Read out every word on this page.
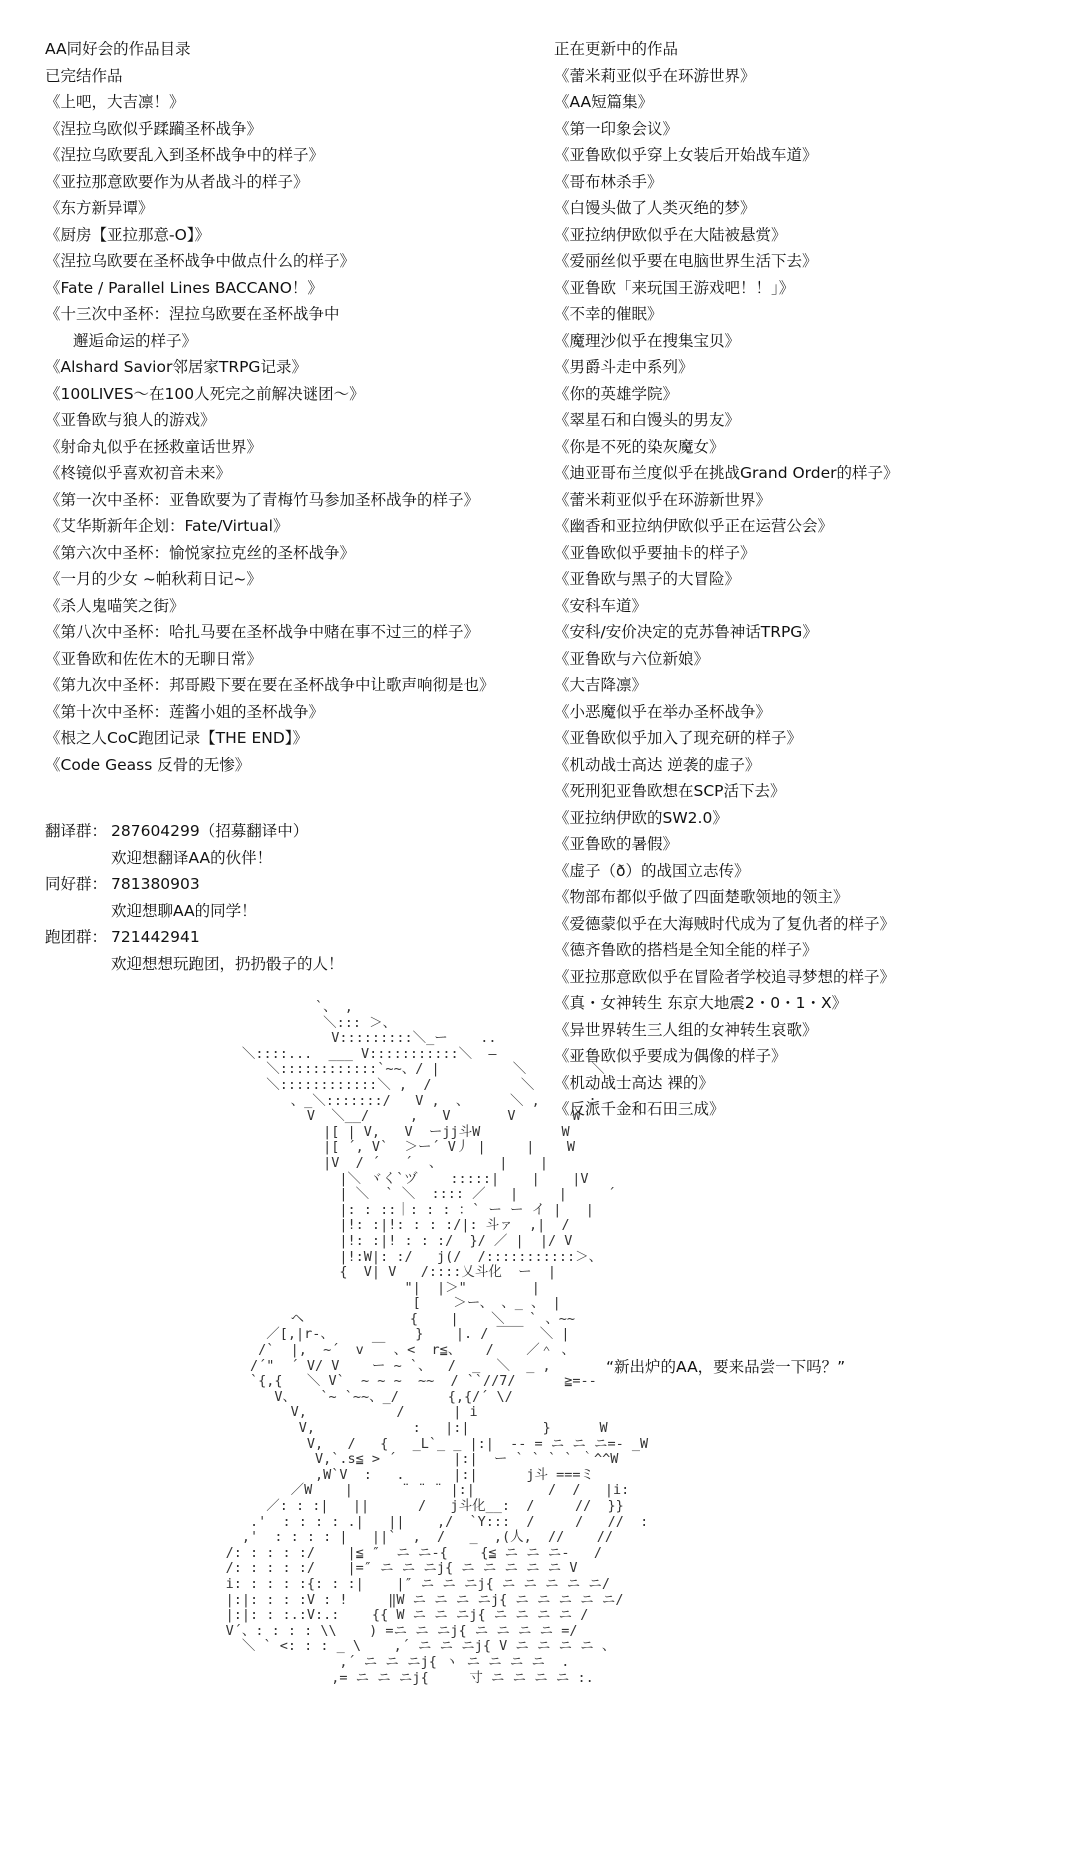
AA同好会的作品目录
已完结作品
《上吧，大吉凛！》
《涅拉乌欧似乎蹂躏圣杯战争》
《涅拉乌欧要乱入到圣杯战争中的样子》
《亚拉那意欧要作为从者战斗的样子》
《东方新异谭》
《厨房【亚拉那意-O】》
《涅拉乌欧要在圣杯战争中做点什么的样子》
《Fate / Parallel Lines BACCANO！》
《十三次中圣杯：涅拉乌欧要在圣杯战争中
邂逅命运的样子》
《Alshard Savior邻居家TRPG记录》
《100LIVES～在100人死完之前解决谜团～》
《亚鲁欧与狼人的游戏》
《射命丸似乎在拯救童话世界》
《柊镜似乎喜欢初音未来》
《第一次中圣杯：亚鲁欧要为了青梅竹马参加圣杯战争的样子》
《艾华斯新年企划：Fate/Virtual》
《第六次中圣杯：愉悦家拉克丝的圣杯战争》
《一月的少女 ~帕秋莉日记~》
《杀人鬼喵笑之街》
《第八次中圣杯：哈扎马要在圣杯战争中赌在事不过三的样子》
《亚鲁欧和佐佐木的无聊日常》
《第九次中圣杯：邦哥殿下要在要在圣杯战争中让歌声响彻是也》
《第十次中圣杯：莲酱小姐的圣杯战争》
《根之人CoC跑团记录【THE END】》
《Code Geass 反骨的无惨》
翻译群： 287604299（招募翻译中）
欢迎想翻译AA的伙伴！
同好群： 781380903
欢迎想聊AA的同学！
跑团群： 721442941
欢迎想想玩跑团，扔扔骰子的人！
正在更新中的作品
《蕾米莉亚似乎在环游世界》
《AA短篇集》
《第一印象会议》
《亚鲁欧似乎穿上女装后开始战车道》
《哥布林杀手》
《白馒头做了人类灭绝的梦》
《亚拉纳伊欧似乎在大陆被悬赏》
《爱丽丝似乎要在电脑世界生活下去》
《亚鲁欧「来玩国王游戏吧！！」》
《不幸的催眠》
《魔理沙似乎在搜集宝贝》
《男爵斗走中系列》
《你的英雄学院》
《翠星石和白馒头的男友》
《你是不死的染灰魔女》
《迪亚哥布兰度似乎在挑战Grand Order的样子》
《蕾米莉亚似乎在环游新世界》
《幽香和亚拉纳伊欧似乎正在运营公会》
《亚鲁欧似乎要抽卡的样子》
《亚鲁欧与黑子的大冒险》
《安科车道》
《安科/安价决定的克苏鲁神话TRPG》
《亚鲁欧与六位新娘》
《大吉降凛》
《小恶魔似乎在举办圣杯战争》
《亚鲁欧似乎加入了现充研的样子》
《机动战士高达 逆袭的虚子》
《死刑犯亚鲁欧想在SCP活下去》
《亚拉纳伊欧的SW2.0》
《亚鲁欧的暑假》
《虚子（ð）的战国立志传》
《物部布都似乎做了四面楚歌领地的领主》
《爱德蒙似乎在大海贼时代成为了复仇者的样子》
《德齐鲁欧的搭档是全知全能的样子》
《亚拉那意欧似乎在冒险者学校追寻梦想的样子》
《真・女神转生 东京大地震2・0・1・X》
《异世界转生三人组的女神转生哀歌》
《亚鲁欧似乎要成为偶像的样子》
《机动战士高达 裸的》
《反派千金和石田三成》
`、 ,
＼::: ＞、
V:::::::::＼_ー    ..
＼::::...  ___ V:::::::::::＼  ―         、
＼::::::::::::`~~、/ |         ＼        ＼
＼::::::::::::＼ ,  /           ＼       、
、_＼:::::::/   V ,  、     ＼ ,      :
V  ＼__/     ,   V       V       W
|[ | V,   V  ーjj斗W          W
|[ ´, V`  ＞ー´ V丿 |     |    W
|V  / ´   ´  、       |    |
|＼ ヾく`ヅ    :::::|    |    |V
| ＼  ` ＼  :::: ／   |     |     ´
|: : ::｜: : : ：` ー ー イ |   |
|!: :|!: : : :/|: 斗ァ  ,|  /
|!: :|! : : :/  }/ ／ |  |/ V
|!:W|: :/   j(/  /:::::::::::＞、
{  V| V   /::::乂斗化  ー  |
"|  |＞"        |
[    ＞ー、 、_ 、 |
ヘ             {    |    ＼   ` 、~~
／[,|r-、          }    |. / ￣￣  ＼ |
/`  |,  ~´  v ￣ 、<  r≦、   /    ／＾ 、
/´"  ´ V/ V    ー ~ `、  /  _  ＼  _ ,
`{,{   ＼ V`  ~ ~ ~  ~~  / ``//7/      ≧=--
V、   `~ `~~、_/      {,{/´ \/
V,           /      | i
V,            :   |:|         }      W
V,   /   {   _L`_ _ |:|  -- = ニ ニ ニ=- _W
V,`.s≦ > ´       |:|  ー ` ` ` ` ｀^^W
,W`V  :   .      |:|      j斗 ===ミ
／W    |      ¨ ¨ ¨ |:|         /  /   |i:
／: : :|   ||      /   j斗化__:  /     //  }}
.'  : : : : .|   ||    ,/  `Y:::  /     /   //  :
,'  : : : : |   ||`  ,  /   _  ,(人,  //    //
/: : : : :/    |≦ ″  ニ ニ-{    {≦ ニ ニ ニ-   /
/: : : : :/    |=″ ニ ニ ニj{ ニ ニ ニ ニ ニ V
i: : : : :{: : :|    |″ ニ ニ ニj{ ニ ニ ニ ニ ニ/
|:|: : : :V : !     ‖W ニ ニ ニ ニj{ ニ ニ ニ ニ ニ/
|:|: : :.:V:.:    {{ W ニ ニ ニj{ ニ ニ ニ ニ /
V´、: : : : \\    ) =ニ ニ ニj{ ニ ニ ニ ニ =/
＼ ` <: : : _ \    ,´ ニ ニ ニj{ V ニ ニ ニ ニ 、
,´ ニ ニ ニj{ ヽ ニ ニ ニ ニ  .
,= ニ ニ ニj{     寸 ニ ニ ニ ニ :.

“新出炉的AA，要来品尝一下吗？”
